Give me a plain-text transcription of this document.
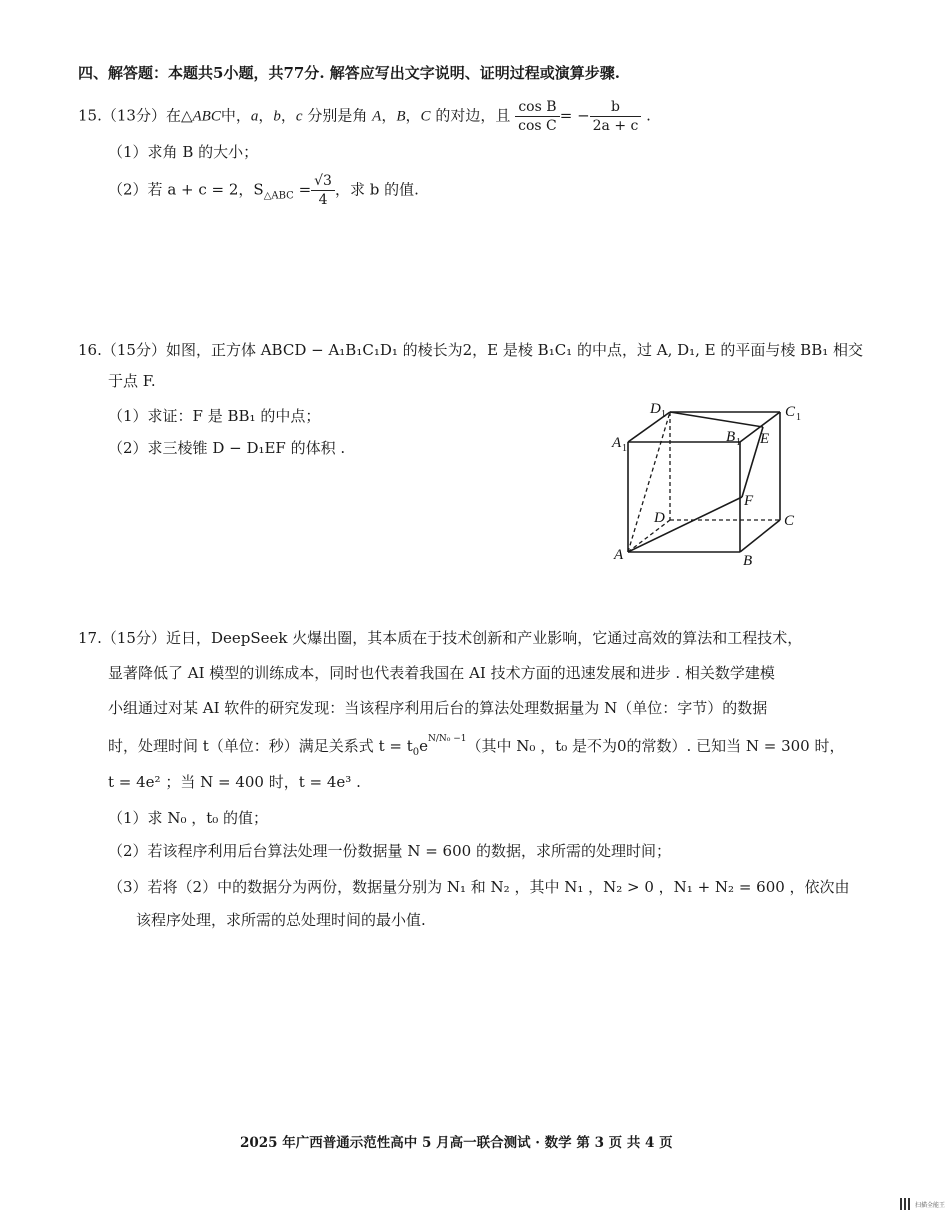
四、解答题：本题共5小题，共77分. 解答应写出文字说明、证明过程或演算步骤.
15.（13分）在△ABC中，a，b，c 分别是角 A，B，C 的对边，且 $\frac{\text{cos B}}{\text{cos C}}$ = − $\frac{b}{2a + c}$ .
（1）求角 B 的大小；
（2）若 a + c = 2，$S_{\triangle ABC} = \frac{√3}{4}$ ，求 b 的值.
16.（15分）如图，正方体 ABCD − A₁B₁C₁D₁ 的棱长为2，E 是棱 B₁C₁ 的中点，过 A, D₁, E 的平面与棱 BB₁ 相交
于点 F.
（1）求证：F 是 BB₁ 的中点；
（2）求三棱锥 D − D₁EF 的体积 .
D 1	C 1
A 1
B 1 E
F
D	C
A	B
17.（15分）近日，DeepSeek 火爆出圈，其本质在于技术创新和产业影响，它通过高效的算法和工程技术，
显著降低了 AI 模型的训练成本，同时也代表着我国在 AI 技术方面的迅速发展和进步 . 相关数学建模
小组通过对某 AI 软件的研究发现：当该程序利用后台的算法处理数据量为 N（单位：字节）的数据
时，处理时间 t（单位：秒）满足关系式 $t = t_0e^{N/N_0 -1}$（其中 N₀ ，t₀ 是不为0的常数）. 已知当 N = 300 时，
t = 4e² ；当 N = 400 时，t = 4e³ .
（1）求 N₀ ，t₀ 的值；
（2）若该程序利用后台算法处理一份数据量 N = 600 的数据，求所需的处理时间；
（3）若将（2）中的数据分为两份，数据量分别为 N₁ 和 N₂ ，其中 N₁ ，N₂ > 0 ，N₁ + N₂ = 600 ，依次由
该程序处理，求所需的总处理时间的最小值.
2025 年广西普通示范性高中 5 月高一联合测试 · 数学 第 3 页 共 4 页
扫描全能王
